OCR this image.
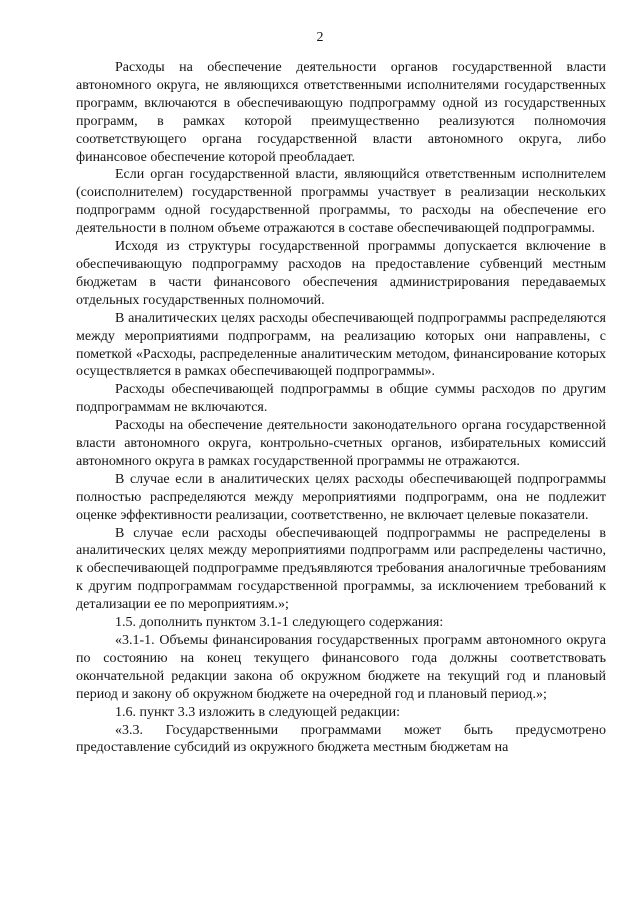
2

Расходы на обеспечение деятельности органов государственной власти автономного округа, не являющихся ответственными исполнителями государственных программ, включаются в обеспечивающую подпрограмму одной из государственных программ, в рамках которой преимущественно реализуются полномочия соответствующего органа государственной власти автономного округа, либо финансовое обеспечение которой преобладает.

Если орган государственной власти, являющийся ответственным исполнителем (соисполнителем) государственной программы участвует в реализации нескольких подпрограмм одной государственной программы, то расходы на обеспечение его деятельности в полном объеме отражаются в составе обеспечивающей подпрограммы.

Исходя из структуры государственной программы допускается включение в обеспечивающую подпрограмму расходов на предоставление субвенций местным бюджетам в части финансового обеспечения администрирования передаваемых отдельных государственных полномочий.

В аналитических целях расходы обеспечивающей подпрограммы распределяются между мероприятиями подпрограмм, на реализацию которых они направлены, с пометкой «Расходы, распределенные аналитическим методом, финансирование которых осуществляется в рамках обеспечивающей подпрограммы».

Расходы обеспечивающей подпрограммы в общие суммы расходов по другим подпрограммам не включаются.

Расходы на обеспечение деятельности законодательного органа государственной власти автономного округа, контрольно-счетных органов, избирательных комиссий автономного округа в рамках государственной программы не отражаются.

В случае если в аналитических целях расходы обеспечивающей подпрограммы полностью распределяются между мероприятиями подпрограмм, она не подлежит оценке эффективности реализации, соответственно, не включает целевые показатели.

В случае если расходы обеспечивающей подпрограммы не распределены в аналитических целях между мероприятиями подпрограмм или распределены частично, к обеспечивающей подпрограмме предъявляются требования аналогичные требованиям к другим подпрограммам государственной программы, за исключением требований к детализации ее по мероприятиям.»;

1.5. дополнить пунктом 3.1-1 следующего содержания:

«3.1-1. Объемы финансирования государственных программ автономного округа по состоянию на конец текущего финансового года должны соответствовать окончательной редакции закона об окружном бюджете на текущий год и плановый период и закону об окружном бюджете на очередной год и плановый период.»;

1.6. пункт 3.3 изложить в следующей редакции:

«3.3. Государственными программами может быть предусмотрено предоставление субсидий из окружного бюджета местным бюджетам на
